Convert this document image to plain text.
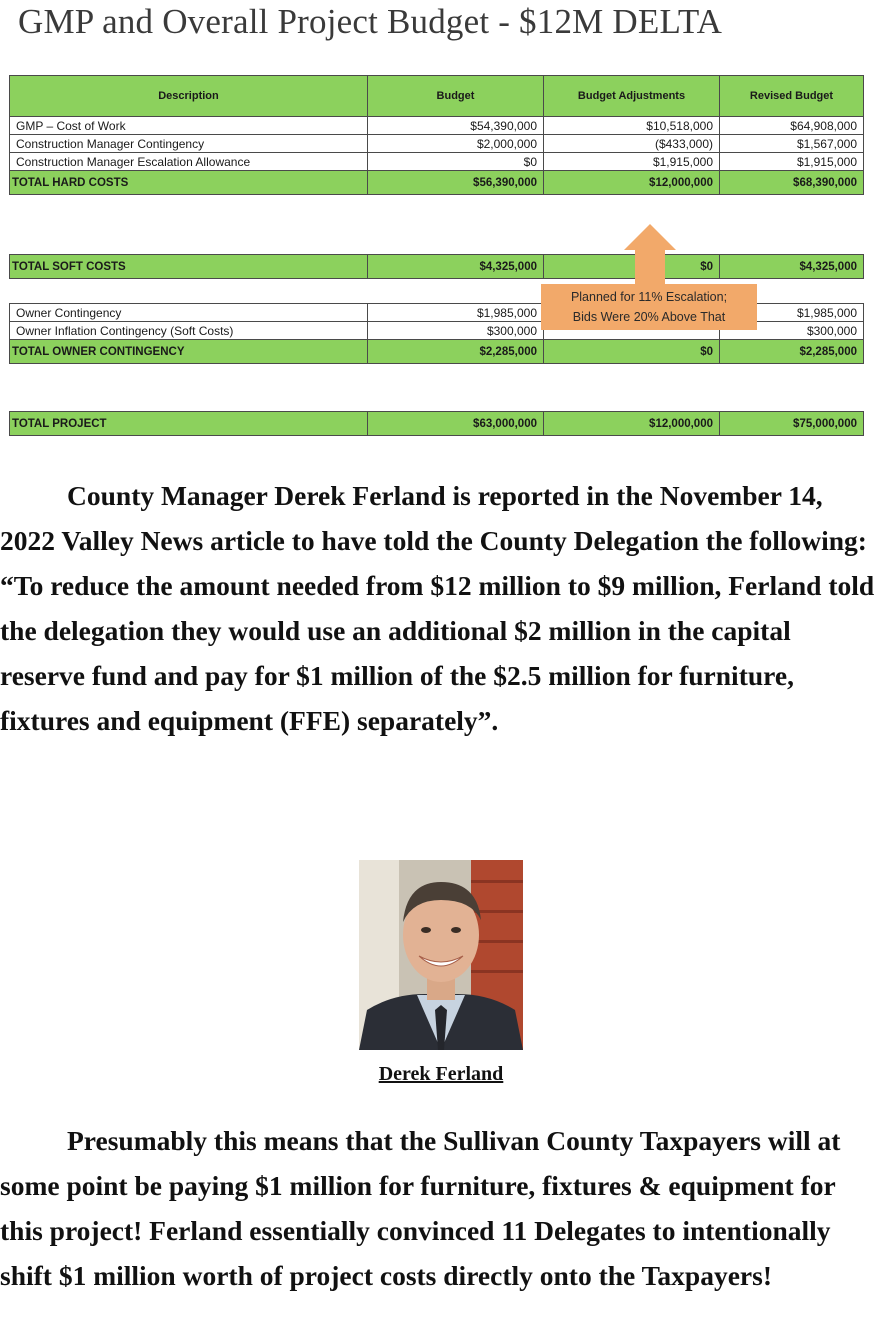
GMP and Overall Project Budget - $12M DELTA
Description	Budget	Budget Adjustments	Revised Budget
GMP – Cost of Work	$54,390,000	$10,518,000	$64,908,000
Construction Manager Contingency	$2,000,000	($433,000)	$1,567,000
Construction Manager Escalation Allowance	$0	$1,915,000	$1,915,000
TOTAL HARD COSTS	$56,390,000	$12,000,000	$68,390,000
TOTAL SOFT COSTS	$4,325,000	$0	$4,325,000
Owner Contingency	$1,985,000		$1,985,000
Owner Inflation Contingency (Soft Costs)	$300,000		$300,000
TOTAL OWNER CONTINGENCY	$2,285,000	$0	$2,285,000
TOTAL PROJECT	$63,000,000	$12,000,000	$75,000,000
Planned for 11% Escalation;
Bids Were 20% Above That
County Manager Derek Ferland is reported in the November 14, 2022 Valley News article to have told the County Delegation the following: “To reduce the amount needed from $12 million to $9 million, Ferland told the delegation they would use an additional $2 million in the capital reserve fund and pay for $1 million of the $2.5 million for furniture, fixtures and equipment (FFE) separately”.
Derek Ferland
Presumably this means that the Sullivan County Taxpayers will at some point be paying $1 million for furniture, fixtures & equipment for this project! Ferland essentially convinced 11 Delegates to intentionally shift $1 million worth of project costs directly onto the Taxpayers!
